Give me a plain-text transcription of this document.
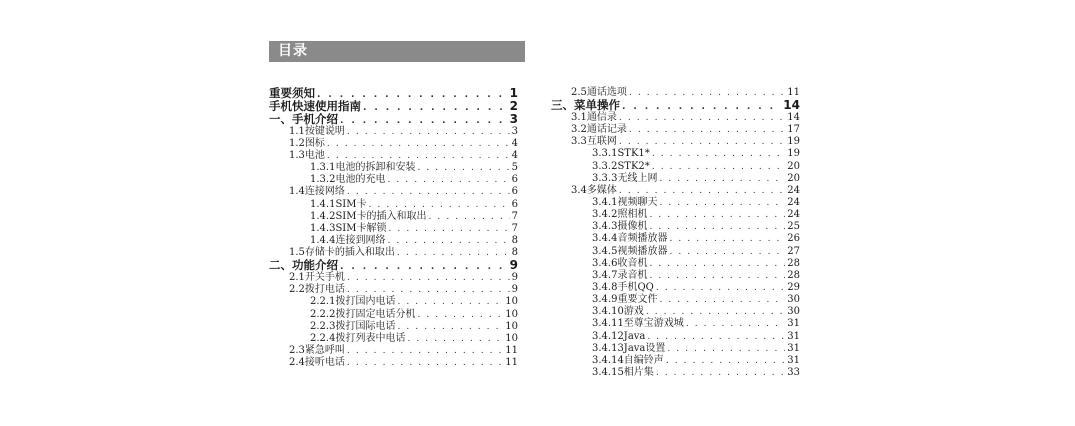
目录
重要须知 . . .	1
手机快速使用指南 . . .	2
一、手机介绍 . . .	3
1.1按键说明 . . .	3
1.2图标 . . .	4
1.3电池 . . .	4
1.3.1电池的拆卸和安装 . . .	5
1.3.2电池的充电 . . .	6
1.4连接网络 . . .	6
1.4.1SIM卡 . . .	6
1.4.2SIM卡的插入和取出 . . .	7
1.4.3SIM卡解锁 . . .	7
1.4.4连接到网络 . . .	8
1.5存储卡的插入和取出 . . .	8
二、功能介绍 . . .	9
2.1开关手机 . . .	9
2.2拨打电话 . . .	9
2.2.1拨打国内电话 . . .	10
2.2.2拨打固定电话分机 . . .	10
2.2.3拨打国际电话 . . .	10
2.2.4拨打列表中电话 . . .	10
2.3紧急呼叫 . . .	11
2.4接听电话 . . .	11
2.5通话选项 . . .	11
三、菜单操作 . . .	14
3.1通信录 . . .	14
3.2通话记录 . . .	17
3.3互联网 . . .	19
3.3.1STK1* . . .	19
3.3.2STK2* . . .	20
3.3.3无线上网 . . .	20
3.4多媒体 . . .	24
3.4.1视频聊天 . . .	24
3.4.2照相机 . . .	24
3.4.3摄像机 . . .	25
3.4.4音频播放器 . . .	26
3.4.5视频播放器 . . .	27
3.4.6收音机 . . .	28
3.4.7录音机 . . .	28
3.4.8手机QQ . . .	29
3.4.9重要文件 . . .	30
3.4.10游戏 . . .	30
3.4.11至尊宝游戏城 . . .	31
3.4.12Java . . .	31
3.4.13Java设置 . . .	31
3.4.14自编铃声 . . .	31
3.4.15相片集 . . .	33
